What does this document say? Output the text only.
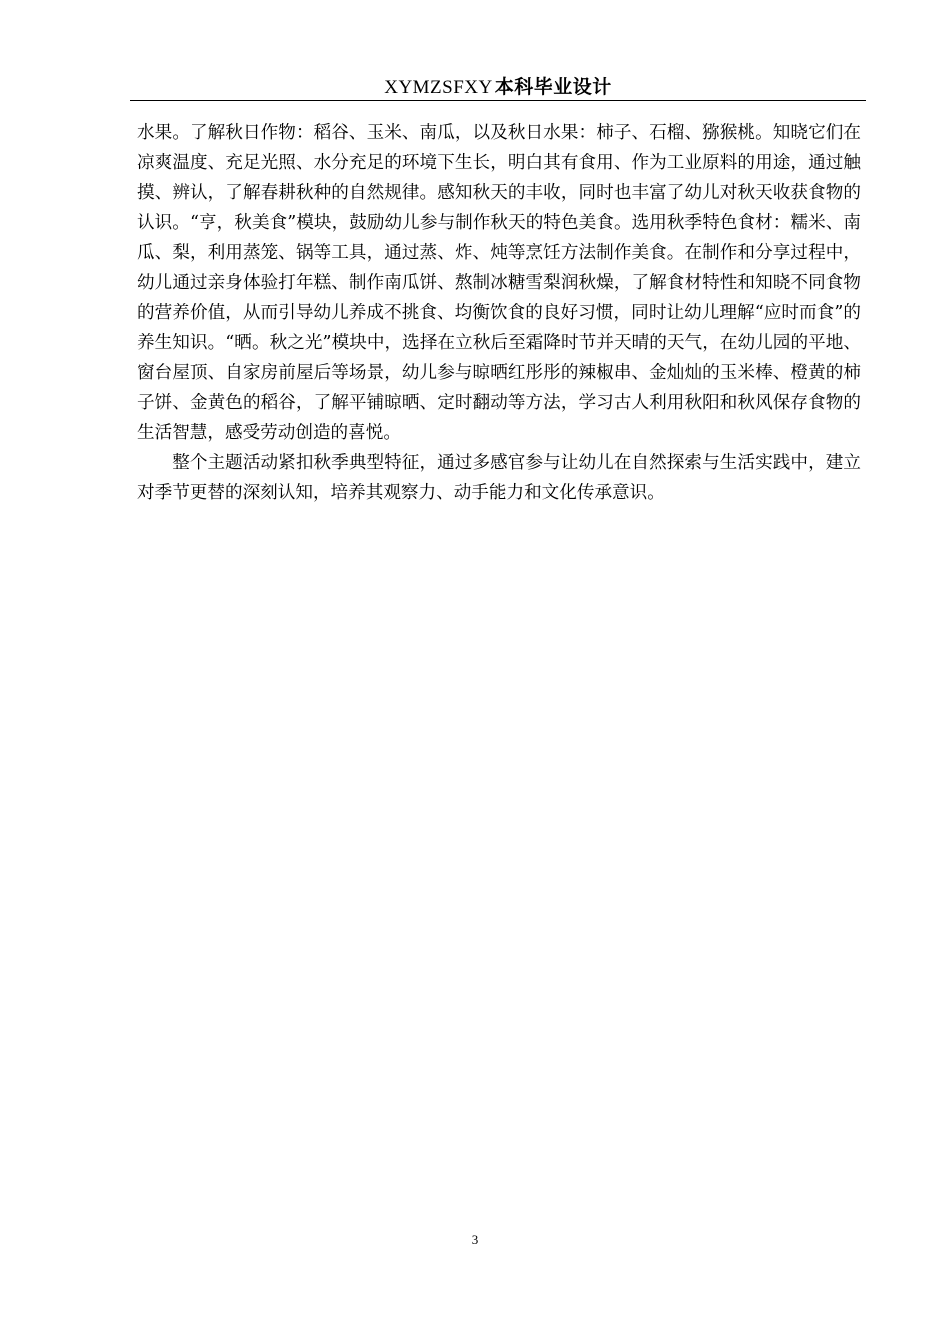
XYMZSFXY 本科毕业设计

水果。了解秋日作物：稻谷、玉米、南瓜，以及秋日水果：柿子、石榴、猕猴桃。知晓它们在凉爽温度、充足光照、水分充足的环境下生长，明白其有食用、作为工业原料的用途，通过触摸、辨认，了解春耕秋种的自然规律。感知秋天的丰收，同时也丰富了幼儿对秋天收获食物的认识。“亨，秋美食”模块，鼓励幼儿参与制作秋天的特色美食。选用秋季特色食材：糯米、南瓜、梨，利用蒸笼、锅等工具，通过蒸、炸、炖等烹饪方法制作美食。在制作和分享过程中，幼儿通过亲身体验打年糕、制作南瓜饼、熬制冰糖雪梨润秋燥，了解食材特性和知晓不同食物的营养价值，从而引导幼儿养成不挑食、均衡饮食的良好习惯，同时让幼儿理解“应时而食”的养生知识。“晒。秋之光”模块中，选择在立秋后至霜降时节并天晴的天气，在幼儿园的平地、窗台屋顶、自家房前屋后等场景，幼儿参与晾晒红彤彤的辣椒串、金灿灿的玉米棒、橙黄的柿子饼、金黄色的稻谷，了解平铺晾晒、定时翻动等方法，学习古人利用秋阳和秋风保存食物的生活智慧，感受劳动创造的喜悦。

整个主题活动紧扣秋季典型特征，通过多感官参与让幼儿在自然探索与生活实践中，建立对季节更替的深刻认知，培养其观察力、动手能力和文化传承意识。

3
